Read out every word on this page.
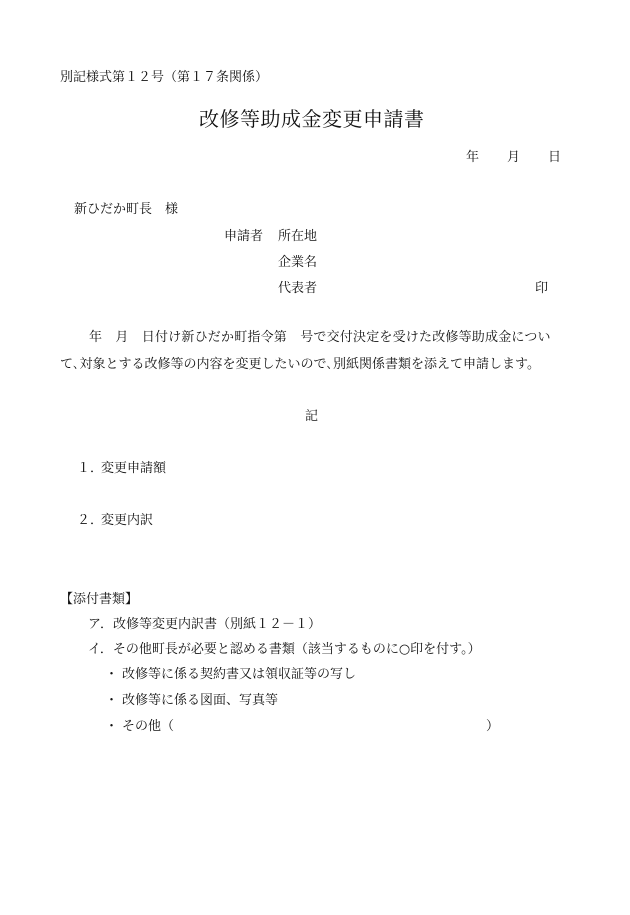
別記様式第１２号（第１７条関係）
改修等助成金変更申請書
年 月 日
新ひだか町長　様
申請者 所在地
企業名
代表者	印
年　月　日付け新ひだか町指令第　号で交付決定を受けた改修等助成金につい
て､対象とする改修等の内容を変更したいので､別紙関係書類を添えて申請します。
記
１．
変更申請額
２．
変更内訳
【添付書類】
ア．改修等変更内訳書（別紙１２－１）
イ．その他町長が必要と認める書類（該当するものに○印を付す。）
・ 改修等に係る契約書又は領収証等の写し
・ 改修等に係る図面、写真等
・ その他（	）
